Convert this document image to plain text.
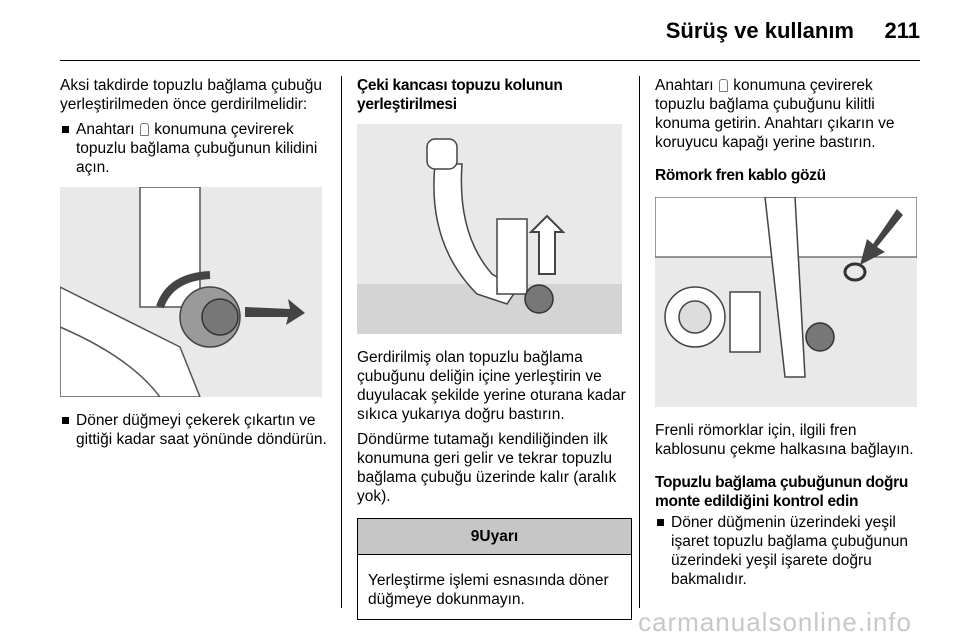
Sürüş ve kullanım 211

Aksi takdirde topuzlu bağlama çubuğu yerleştirilmeden önce gerdirilmelidir:

Anahtarı konumuna çevirerek topuzlu bağlama çubuğunun kilidini açın.
Döner düğmeyi çekerek çıkartın ve gittiği kadar saat yönünde döndürün.

Çeki kancası topuzu kolunun yerleştirilmesi

Gerdirilmiş olan topuzlu bağlama çubuğunu deliğin içine yerleştirin ve duyulacak şekilde yerine oturana kadar sıkıca yukarıya doğru bastırın.

Döndürme tutamağı kendiliğinden ilk konumuna geri gelir ve tekrar topuzlu bağlama çubuğu üzerinde kalır (aralık yok).

9Uyarı
Yerleştirme işlemi esnasında döner düğmeye dokunmayın.

Anahtarı konumuna çevirerek topuzlu bağlama çubuğunu kilitli konuma getirin. Anahtarı çıkarın ve koruyucu kapağı yerine bastırın.

Römork fren kablo gözü

Frenli römorklar için, ilgili fren kablosunu çekme halkasına bağlayın.

Topuzlu bağlama çubuğunun doğru monte edildiğini kontrol edin

Döner düğmenin üzerindeki yeşil işaret topuzlu bağlama çubuğunun üzerindeki yeşil işarete doğru bakmalıdır.
carmanualsonline.info
